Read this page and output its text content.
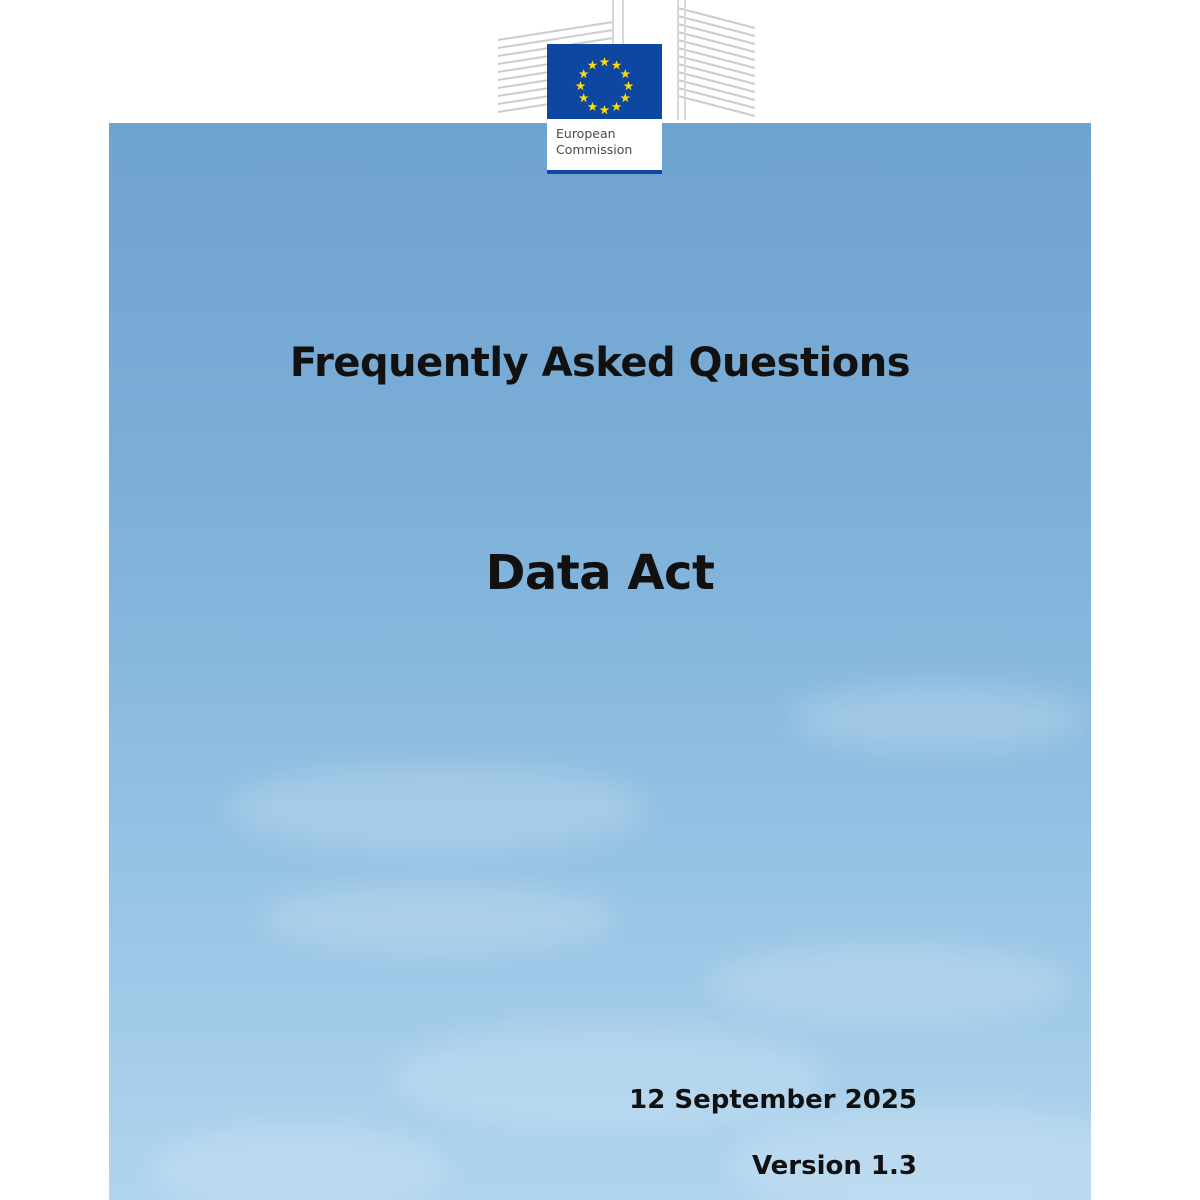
European
Commission
Frequently Asked Questions
Data Act
12 September 2025
Version 1.3
